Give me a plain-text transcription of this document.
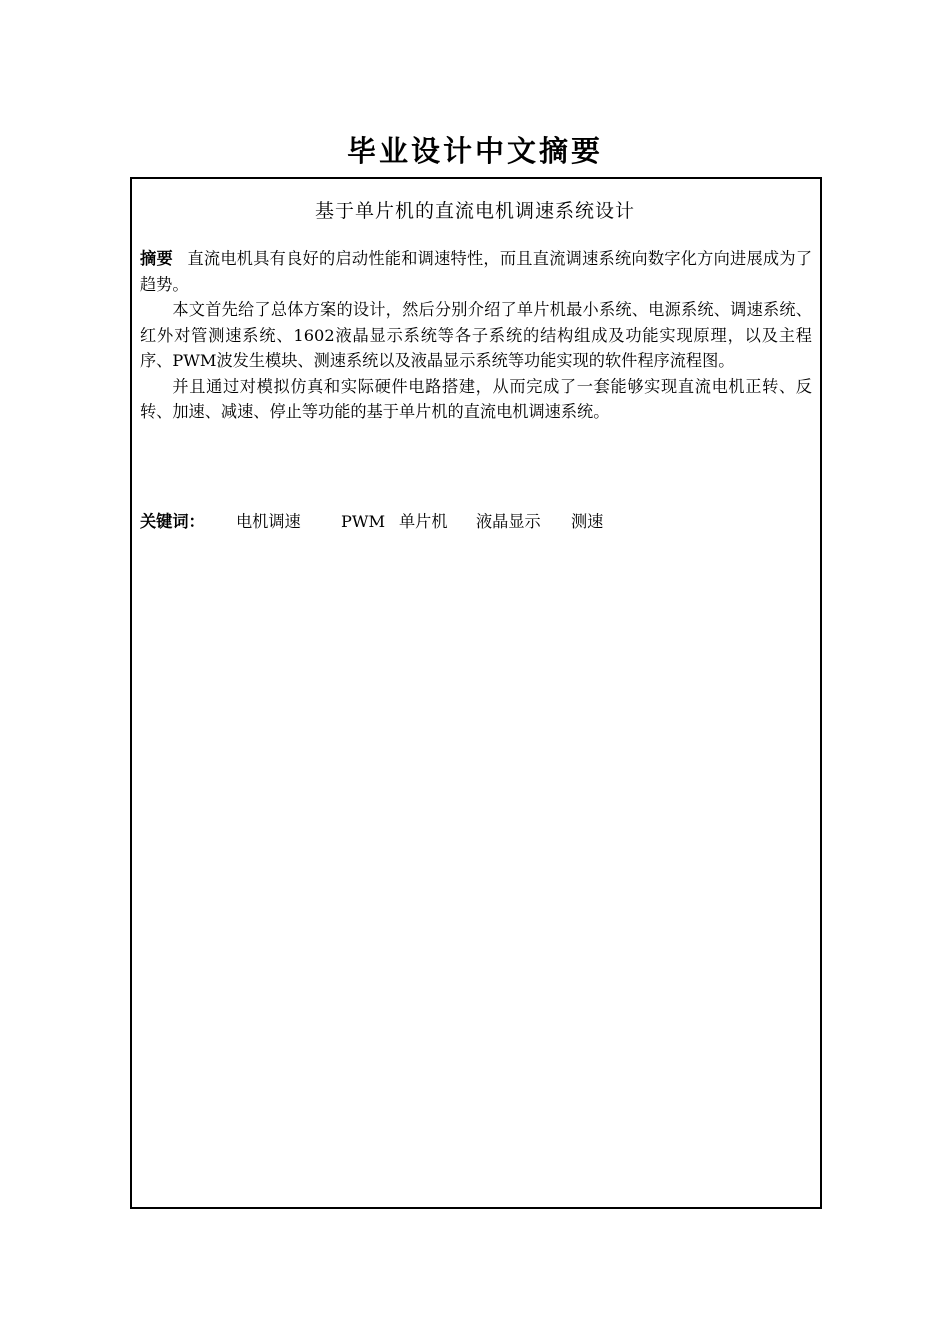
毕业设计中文摘要
基于单片机的直流电机调速系统设计

摘要 直流电机具有良好的启动性能和调速特性，而且直流调速系统向数字化方向进展成为了趋势。

本文首先给了总体方案的设计，然后分别介绍了单片机最小系统、电源系统、调速系统、红外对管测速系统、1602液晶显示系统等各子系统的结构组成及功能实现原理，以及主程序、PWM波发生模块、测速系统以及液晶显示系统等功能实现的软件程序流程图。

并且通过对模拟仿真和实际硬件电路搭建，从而完成了一套能够实现直流电机正转、反转、加速、减速、停止等功能的基于单片机的直流电机调速系统。

关键词： 电机调速 PWM 单片机 液晶显示 测速
